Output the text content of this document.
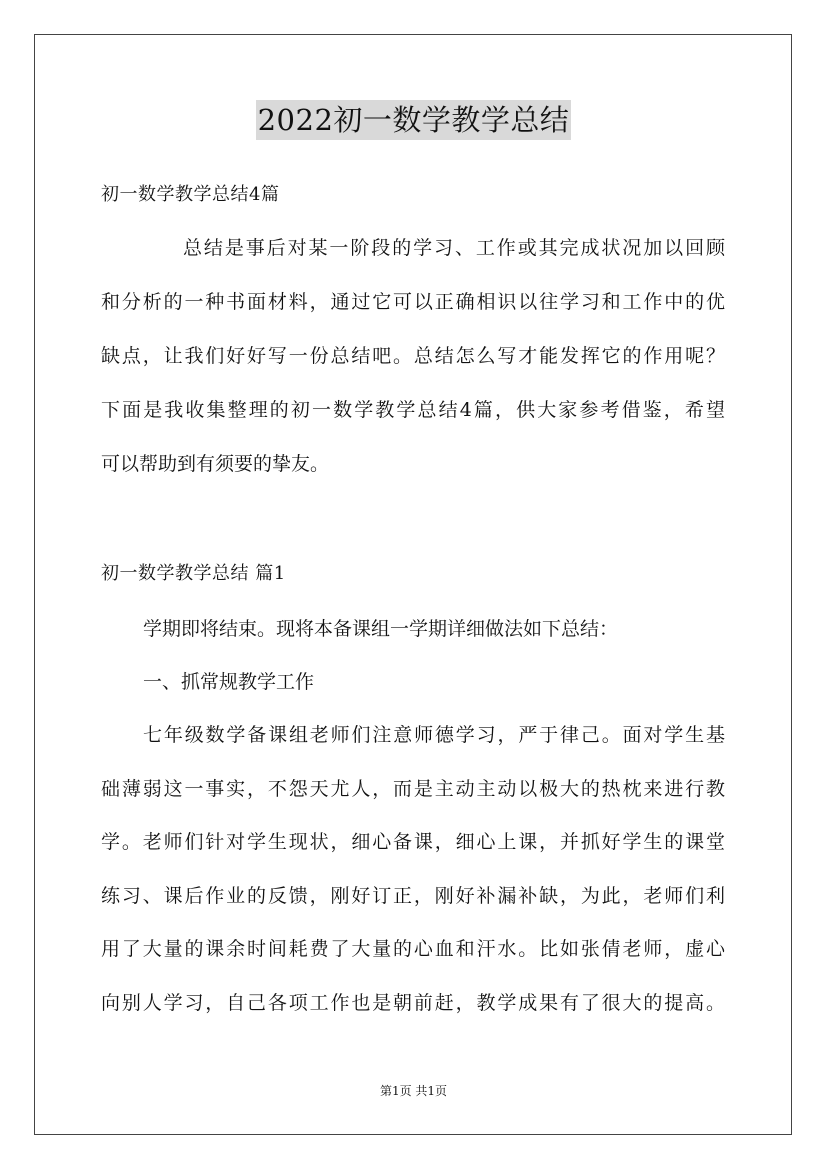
2022初一数学教学总结
初一数学教学总结4篇
总结是事后对某一阶段的学习、工作或其完成状况加以回顾
和分析的一种书面材料，通过它可以正确相识以往学习和工作中的优
缺点，让我们好好写一份总结吧。总结怎么写才能发挥它的作用呢？
下面是我收集整理的初一数学教学总结4篇，供大家参考借鉴，希望
可以帮助到有须要的挚友。
初一数学教学总结 篇1
学期即将结束。现将本备课组一学期详细做法如下总结：
一、抓常规教学工作
七年级数学备课组老师们注意师德学习，严于律己。面对学生基
础薄弱这一事实，不怨天尤人，而是主动主动以极大的热枕来进行教
学。老师们针对学生现状，细心备课，细心上课，并抓好学生的课堂
练习、课后作业的反馈，刚好订正，刚好补漏补缺，为此，老师们利
用了大量的课余时间耗费了大量的心血和汗水。比如张倩老师，虚心
向别人学习，自己各项工作也是朝前赶，教学成果有了很大的提高。
第1页 共1页
